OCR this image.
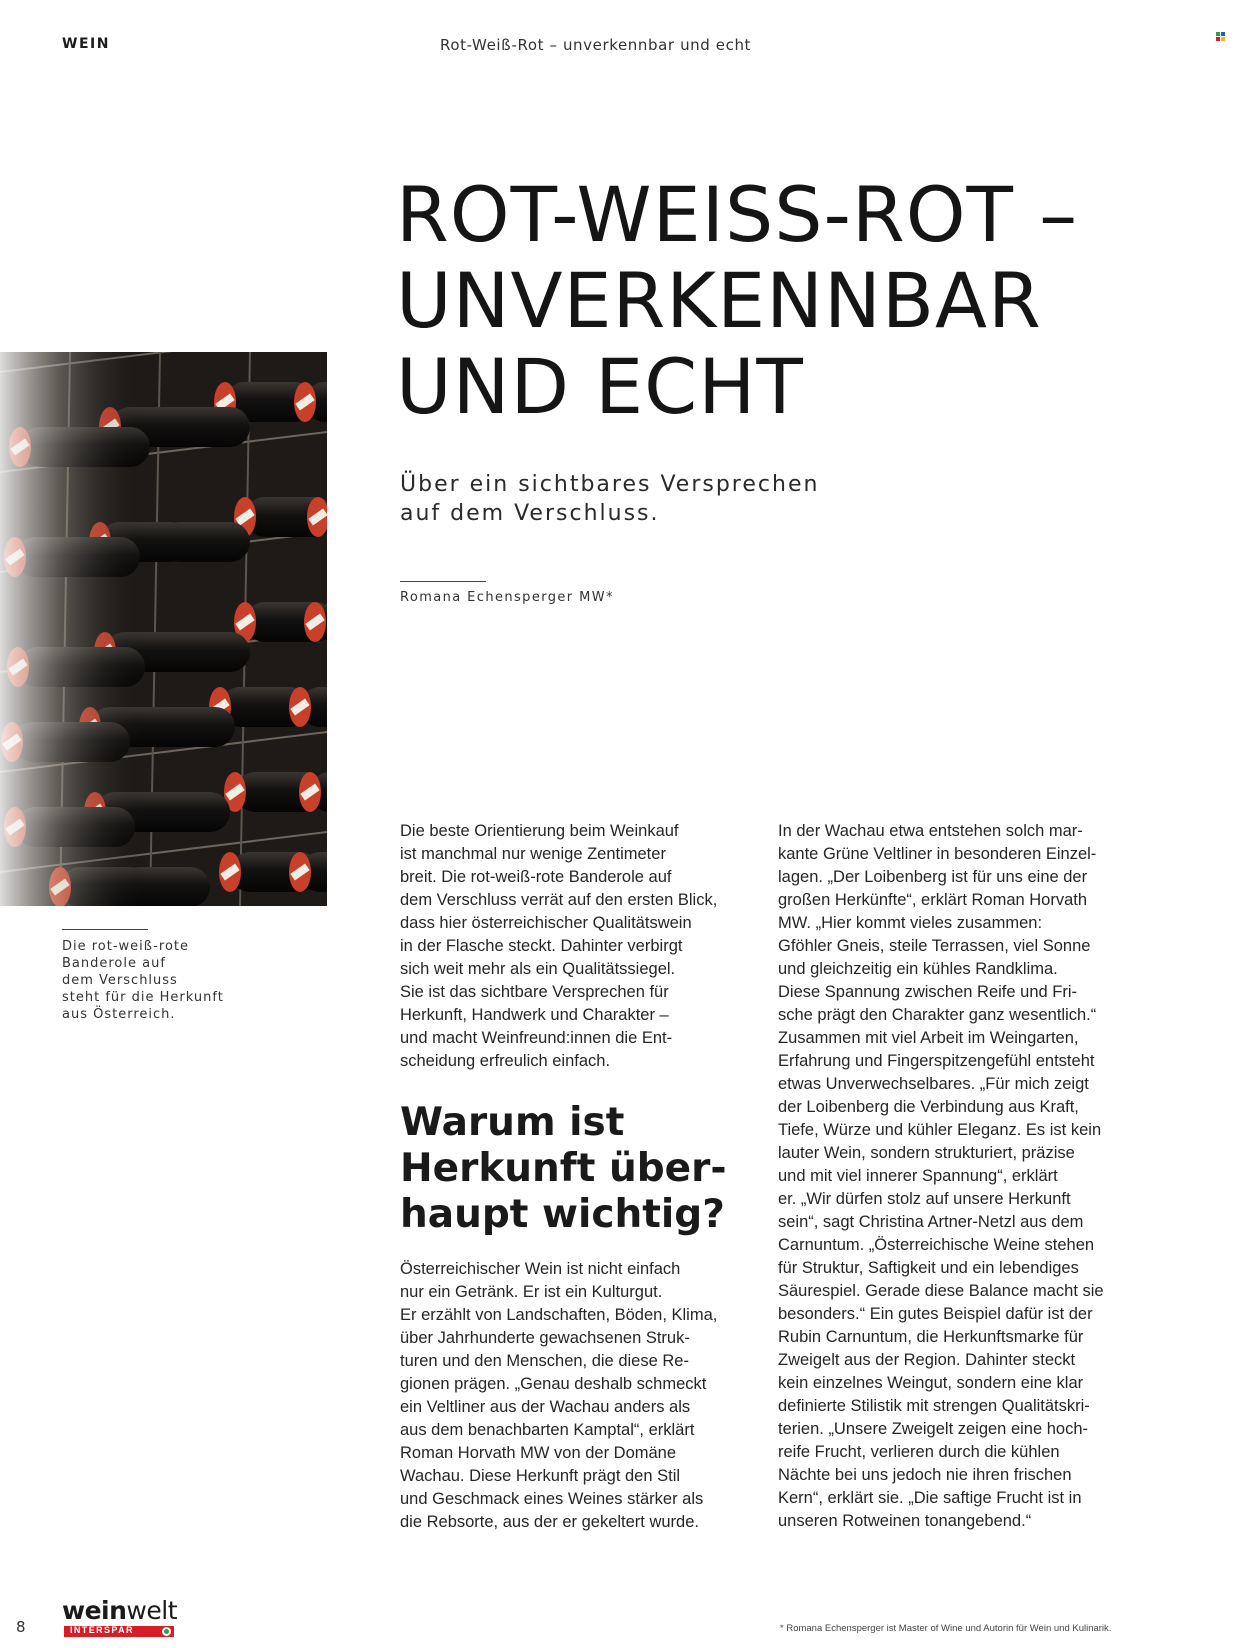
WEIN	Rot-Weiß-Rot – unverkennbar und echt
ROT-WEISS-ROT –
UNVERKENNBAR
UND ECHT
Über ein sichtbares Versprechen
auf dem Verschluss.
Romana Echensperger MW*
Die rot-weiß-rote
Banderole auf
dem Verschluss
steht für die Herkunft
aus Österreich.

Die beste Orientierung beim Weinkauf

ist manchmal nur wenige Zentimeter

breit. Die rot-weiß-rote Banderole auf

dem Verschluss verrät auf den ersten Blick,

dass hier österreichischer Qualitätswein

in der Flasche steckt. Dahinter verbirgt

sich weit mehr als ein Qualitätssiegel.

Sie ist das sichtbare Versprechen für

Herkunft, Handwerk und Charakter –

und macht Weinfreund:innen die Ent-

scheidung erfreulich einfach.

Warum ist
Herkunft über-
haupt wichtig?

Österreichischer Wein ist nicht einfach

nur ein Getränk. Er ist ein Kulturgut.

Er erzählt von Landschaften, Böden, Klima,

über Jahrhunderte gewachsenen Struk-

turen und den Menschen, die diese Re-

gionen prägen. „Genau deshalb schmeckt

ein Veltliner aus der Wachau anders als

aus dem benachbarten Kamptal“, erklärt

Roman Horvath MW von der Domäne

Wachau. Diese Herkunft prägt den Stil

und Geschmack eines Weines stärker als

die Rebsorte, aus der er gekeltert wurde.

In der Wachau etwa entstehen solch mar-

kante Grüne Veltliner in besonderen Einzel-

lagen. „Der Loibenberg ist für uns eine der

großen Herkünfte“, erklärt Roman Horvath

MW. „Hier kommt vieles zusammen:

Gföhler Gneis, steile Terrassen, viel Sonne

und gleichzeitig ein kühles Randklima.

Diese Spannung zwischen Reife und Fri-

sche prägt den Charakter ganz wesentlich.“

Zusammen mit viel Arbeit im Weingarten,

Erfahrung und Fingerspitzengefühl entsteht

etwas Unverwechselbares. „Für mich zeigt

der Loibenberg die Verbindung aus Kraft,

Tiefe, Würze und kühler Eleganz. Es ist kein

lauter Wein, sondern strukturiert, präzise

und mit viel innerer Spannung“, erklärt

er. „Wir dürfen stolz auf unsere Herkunft

sein“, sagt Christina Artner-Netzl aus dem

Carnuntum. „Österreichische Weine stehen

für Struktur, Saftigkeit und ein lebendiges

Säurespiel. Gerade diese Balance macht sie

besonders.“ Ein gutes Beispiel dafür ist der

Rubin Carnuntum, die Herkunftsmarke für

Zweigelt aus der Region. Dahinter steckt

kein einzelnes Weingut, sondern eine klar

definierte Stilistik mit strengen Qualitätskri-

terien. „Unsere Zweigelt zeigen eine hoch-

reife Frucht, verlieren durch die kühlen

Nächte bei uns jedoch nie ihren frischen

Kern“, erklärt sie. „Die saftige Frucht ist in

unseren Rotweinen tonangebend.“

8
weinwelt
INTERSPAR	* Romana Echensperger ist Master of Wine und Autorin für Wein und Kulinarik.
